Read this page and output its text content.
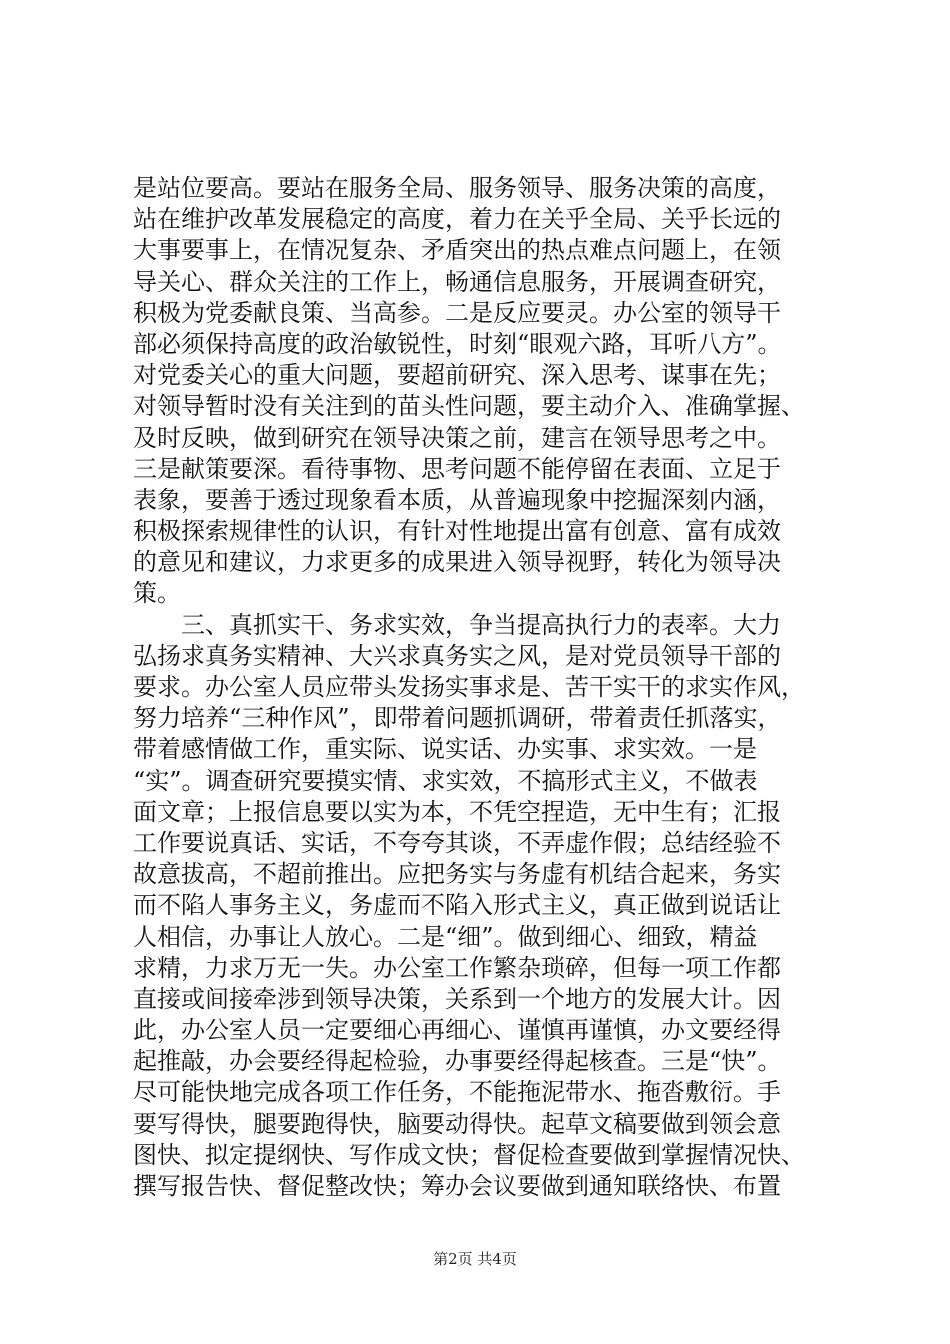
是站位要高。要站在服务全局、服务领导、服务决策的高度，
站在维护改革发展稳定的高度，着力在关乎全局、关乎长远的
大事要事上，在情况复杂、矛盾突出的热点难点问题上，在领
导关心、群众关注的工作上，畅通信息服务，开展调查研究，
积极为党委献良策、当高参。二是反应要灵。办公室的领导干
部必须保持高度的政治敏锐性，时刻“眼观六路，耳听八方”。
对党委关心的重大问题，要超前研究、深入思考、谋事在先；
对领导暂时没有关注到的苗头性问题，要主动介入、准确掌握、
及时反映，做到研究在领导决策之前，建言在领导思考之中。
三是献策要深。看待事物、思考问题不能停留在表面、立足于
表象，要善于透过现象看本质，从普遍现象中挖掘深刻内涵，
积极探索规律性的认识，有针对性地提出富有创意、富有成效
的意见和建议，力求更多的成果进入领导视野，转化为领导决
策。
　　三、真抓实干、务求实效，争当提高执行力的表率。大力
弘扬求真务实精神、大兴求真务实之风，是对党员领导干部的
要求。办公室人员应带头发扬实事求是、苦干实干的求实作风，
努力培养“三种作风”，即带着问题抓调研，带着责任抓落实，
带着感情做工作，重实际、说实话、办实事、求实效。一是
“实”。调查研究要摸实情、求实效，不搞形式主义，不做表
面文章；上报信息要以实为本，不凭空捏造，无中生有；汇报
工作要说真话、实话，不夸夸其谈，不弄虚作假；总结经验不
故意拔高，不超前推出。应把务实与务虚有机结合起来，务实
而不陷人事务主义，务虚而不陷入形式主义，真正做到说话让
人相信，办事让人放心。二是“细”。做到细心、细致，精益
求精，力求万无一失。办公室工作繁杂琐碎，但每一项工作都
直接或间接牵涉到领导决策，关系到一个地方的发展大计。因
此，办公室人员一定要细心再细心、谨慎再谨慎，办文要经得
起推敲，办会要经得起检验，办事要经得起核查。三是“快”。
尽可能快地完成各项工作任务，不能拖泥带水、拖沓敷衍。手
要写得快，腿要跑得快，脑要动得快。起草文稿要做到领会意
图快、拟定提纲快、写作成文快；督促检查要做到掌握情况快、
撰写报告快、督促整改快；筹办会议要做到通知联络快、布置
第2页 共4页
